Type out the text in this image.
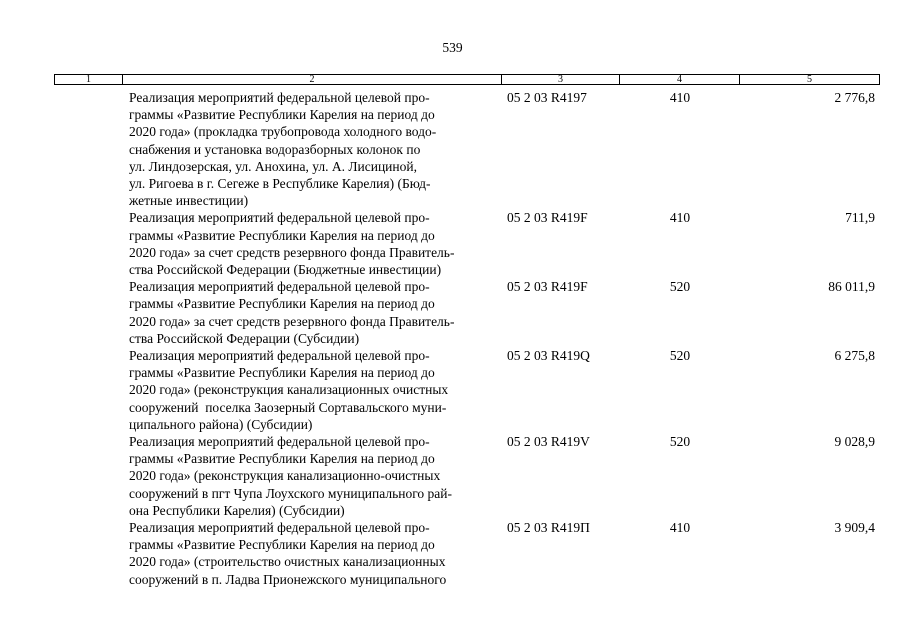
539
1	2	3	4	5
Реализация мероприятий федеральной целевой про-
граммы «Развитие Республики Карелия на период до
2020 года» (прокладка трубопровода холодного водо-
снабжения и установка водоразборных колонок по
ул. Линдозерская, ул. Анохина, ул. А. Лисициной,
ул. Ригоева в г. Сегеже в Республике Карелия) (Бюд-
жетные инвестиции)
05 2 03 R4197	410	2 776,8
Реализация мероприятий федеральной целевой про-
граммы «Развитие Республики Карелия на период до
2020 года» за счет средств резервного фонда Правитель-
ства Российской Федерации (Бюджетные инвестиции)
05 2 03 R419F	410	711,9
Реализация мероприятий федеральной целевой про-
граммы «Развитие Республики Карелия на период до
2020 года» за счет средств резервного фонда Правитель-
ства Российской Федерации (Субсидии)
05 2 03 R419F	520	86 011,9
Реализация мероприятий федеральной целевой про-
граммы «Развитие Республики Карелия на период до
2020 года» (реконструкция канализационных очистных
сооружений  поселка Заозерный Сортавальского муни-
ципального района) (Субсидии)
05 2 03 R419Q	520	6 275,8
Реализация мероприятий федеральной целевой про-
граммы «Развитие Республики Карелия на период до
2020 года» (реконструкция канализационно-очистных
сооружений в пгт Чупа Лоухского муниципального рай-
она Республики Карелия) (Субсидии)
05 2 03 R419V	520	9 028,9
Реализация мероприятий федеральной целевой про-
граммы «Развитие Республики Карелия на период до
2020 года» (строительство очистных канализационных
сооружений в п. Ладва Прионежского муниципального
05 2 03 R419П	410	3 909,4
